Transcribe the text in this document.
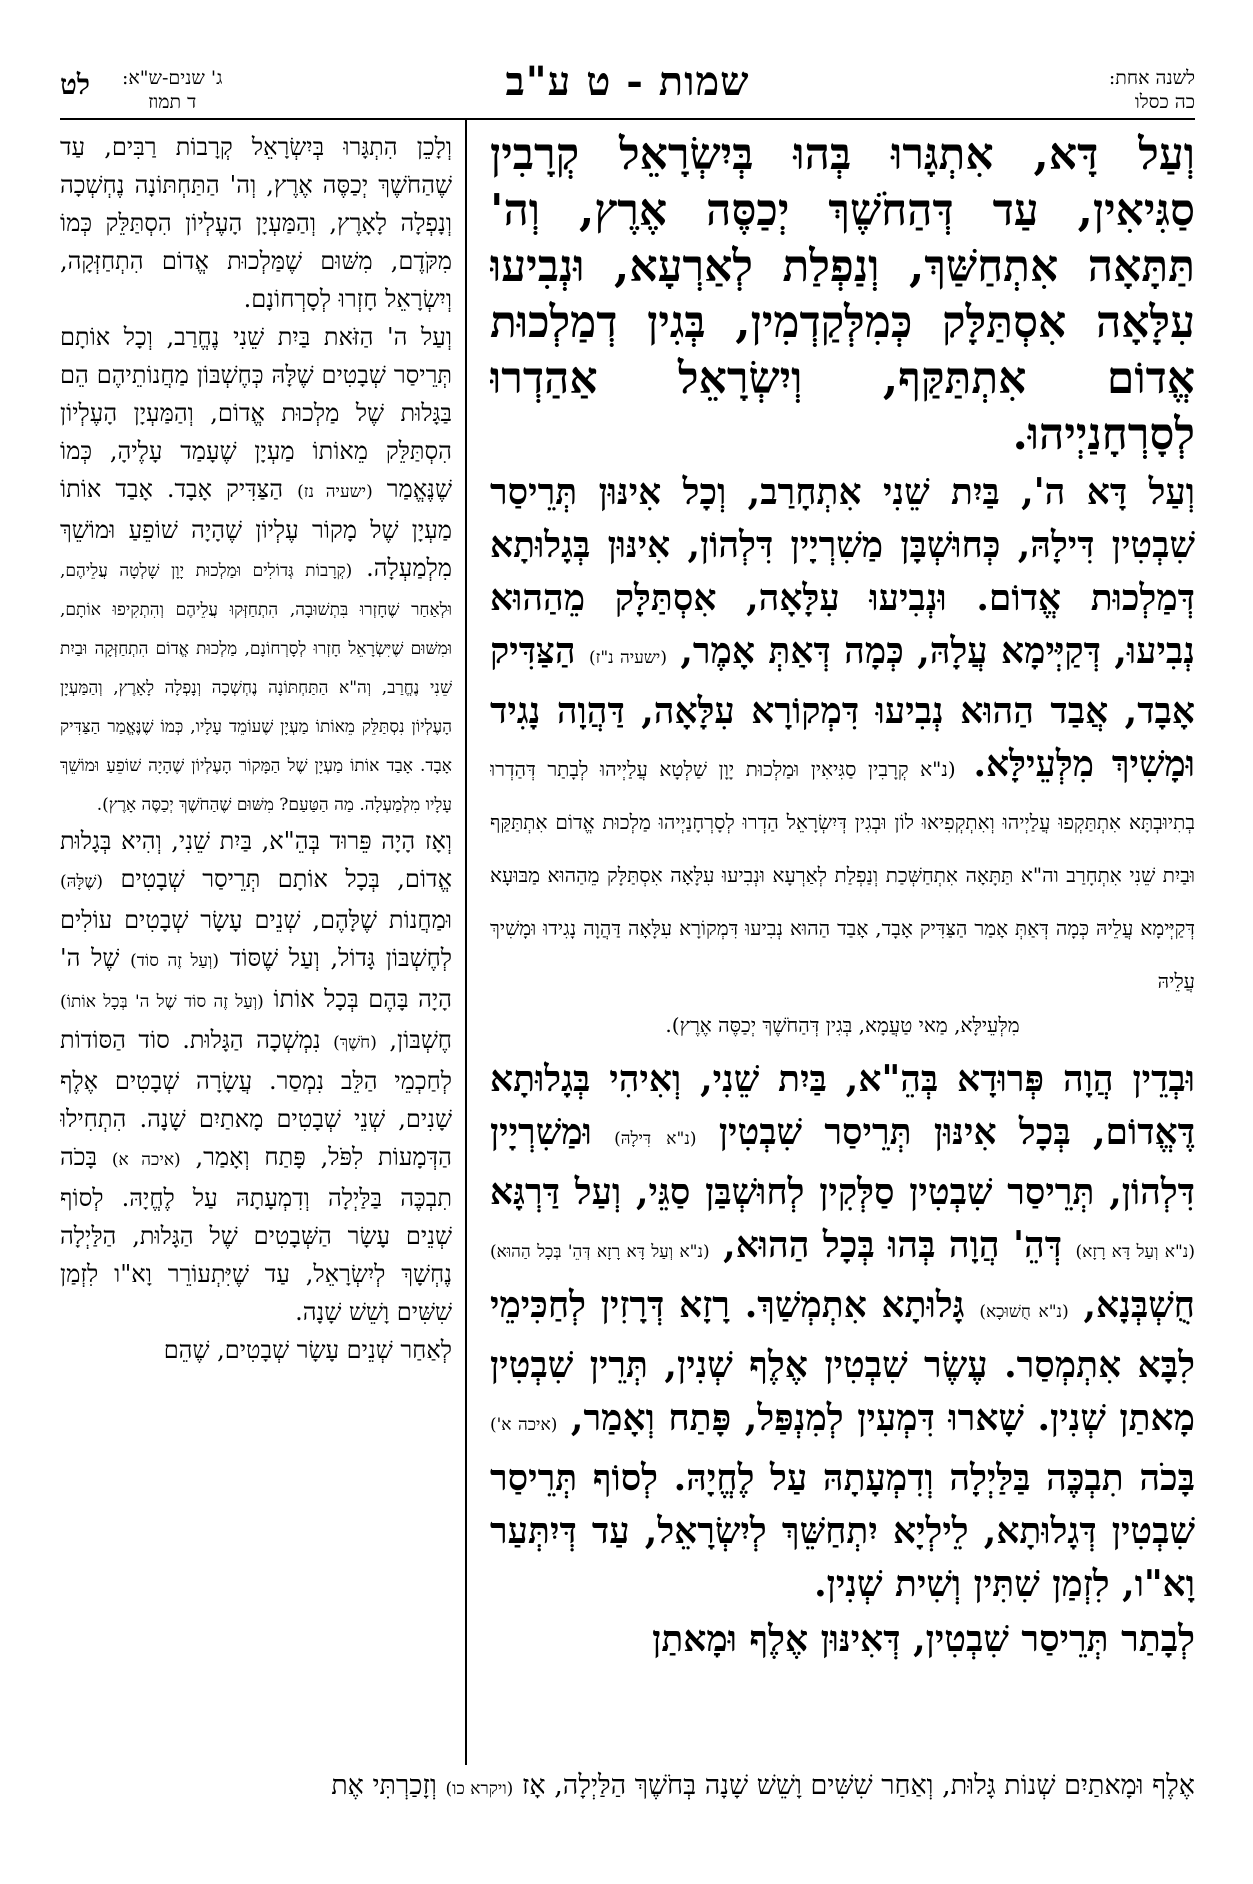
לשנה אחת:
כה כסלו
שמות - ט ע"ב
ג' שנים-ש"א:
ד תמוז
לט

וְעַל דָּא, אִתְגָּרוּ בְּהוּ בְּיִשְׂרָאֵל קְרָבִין סַגִּיאִין, עַד דְּהַחֹשֶׁךְ יְכַסֶּה אֶרֶץ, וְה' תַּתָּאָה אִתְחַשַּׁךְ, וְנַפְלַת לְאַרְעָא, וּנְבִיעוּ עִלָּאָה אִסְתַּלָּק כְּמִלְּקַדְמִין, בְּגִין דְמַלְכוּת אֱדוֹם אִתְתַּקַּף, וְיִשְׂרָאֵל אַהַדְרוּ לְסָרְחָנַיְיהוּ.

וְעַל דָּא ה', בַּיִת שֵׁנִי אִתְחָרַב, וְכָל אִינּוּן תְּרֵיסַר שִׁבְטִין דִּילָהּ, כְּחוּשְׁבָּן מַשִׁרְיָין דִּלְהוֹן, אִינּוּן בְּגָלוּתָא דְּמַלְכוּת אֱדוֹם. וּנְבִיעוּ עִלָּאָה, אִסְתַּלָּק מֵהַהוּא נְבִיעוּ, דְּקַיְּימָא עֲלָהּ, כְּמָה דְּאַתְּ אָמֶר, (ישעיה נ"ז) הַצַּדִּיק אָבָד, אֲבַד הַהוּא נְבִיעוּ דִּמְקוֹרָא עִלָּאָה, דַּהֲוָה נָגִיד וּמָשִׁיךְ מִלְּעֵילָּא. (נ"א קְרָבִין סַגִּיאִין וּמַלְכוּת יָוָן שַׁלְטָא עֲלַיְיהוּ לְבָתַר דְּהַדְרוּ בְתִיוּבְתָּא אִתְתַּקְפוּ עֲלַיְיהוּ וְאִתְקְפִיאוּ לוֹן וּבְגִין דְּיִשְׂרָאֵל הַדְרוּ לְסָרְחָנַיְיהוּ מַלְכוּת אֱדוֹם אִתְתַּקַּף וּבַיִת שֵׁנִי אִתְחָרַב וה"א תַּתָּאָה אִתְחַשְּׁכַת וְנַפְלַת לְאַרְעָא וּנְבִיעוּ עִלָּאָה אִסְתַּלָּק מֵהַהוּא מַבּוּעָא דְּקַיְּימָא עֲלֵיהּ כְּמָה דְּאַתְּ אָמַר הַצַּדִּיק אָבָד, אָבַד הַהוּא נְבִיעוּ דִּמְקוֹרָא עִלָּאָה דַּהֲוָה נָגִידוּ וּמָשִׁיךְ עֲלֵיהּ

מִלְּעֵילָּא, מַאי טַעֲמָא, בְּגִין דְּהַחֹשֶׁךְ יְכַסֶּה אֶרֶץ).

וּבְדֵין הֲוָה פְּרוּדָא בְּהֵ"א, בַּיִת שֵׁנִי, וְאִיהִי בְּגָלוּתָא דֶּאֱדוֹם, בְּכָל אִינּוּן תְּרֵיסַר שִׁבְטִין (נ"א דִּילָהּ) וּמַשִׁרְיָין דִּלְהוֹן, תְּרֵיסַר שִׁבְטִין סַלְּקִין לְחוּשְׁבַּן סַגֵּי, וְעַל דַּרְגָּא (נ"א וְעַל דָּא רָזָא) דְּהֵ' הֲוָה בְּהוּ בְּכָל הַהוּא, (נ"א וְעַל דָּא רָזָא דְּהֵ' בְּכָל הַהוּא) חֻשְׁבְּנָא, (נ"א חֻשׁוּכָא) גָּלוּתָא אִתְמְשַׁךְ. רָזָא דְּרָזִין לְחַכִּימֵי לִבָּא אִתְמְסַר. עֶשֶׂר שִׁבְטִין אֶלֶף שְׁנִין, תְּרֵין שִׁבְטִין מָאתַן שְׁנִין. שָׁארוּ דִּמְעִין לְמִנְפַּל, פָּתַח וְאָמַר, (איכה א') בָּכֹה תִבְכֶּה בַּלַּיְלָה וְדִמְעָתָהּ עַל לֶחֱיָהּ. לְסוֹף תְּרֵיסַר שִׁבְטִין דְּגָלוּתָא, לֵילְיָא יִתְחַשֵּׁךְ לְיִשְׂרָאֵל, עַד דְּיִתְּעַר וָא"ו, לִזְמַן שִׁתִּין וְשִׁית שְׁנִין.

לְבָתַר תְּרֵיסַר שִׁבְטִין, דְּאִינּוּן אֶלֶף וּמָאתַן

וְלָכֵן הִתְגָּרוּ בְּיִשְׂרָאֵל קְרָבוֹת רַבִּים, עַד שֶׁהַחֹשֶׁךְ יְכַסֶּה אֶרֶץ, וְה' הַתַּחְתּוֹנָה נֶחְשְׁכָה וְנָפְלָה לָאָרֶץ, וְהַמַּעְיָן הָעֶלְיוֹן הִסְתַּלֵּק כְּמוֹ מִקֹּדֶם, מִשּׁוּם שֶׁמַּלְכוּת אֱדוֹם הִתְחַזְּקָה, וְיִשְׂרָאֵל חָזְרוּ לְסָרְחוֹנָם.

וְעַל ה' הַזֹּאת בַּיִת שֵׁנִי נֶחֱרַב, וְכָל אוֹתָם תְּרֵיסַר שְׁבָטִים שֶׁלָּהּ כְּחֶשְׁבּוֹן מַחֲנוֹתֵיהֶם הֵם בַּגָּלוּת שֶׁל מַלְכוּת אֱדוֹם, וְהַמַּעְיָן הָעֶלְיוֹן הִסְתַּלֵּק מֵאוֹתוֹ מַעְיָן שֶׁעָמַד עָלֶיהָ, כְּמוֹ שֶׁנֶּאֱמַר (ישעיה נז) הַצַּדִּיק אָבָד. אָבַד אוֹתוֹ מַעְיָן שֶׁל מָקוֹר עֶלְיוֹן שֶׁהָיָה שׁוֹפֵעַ וּמוֹשֵׁךְ מִלְמַעְלָה. (קְרָבוֹת גְּדוֹלִים וּמַלְכוּת יָוָן שָׁלְטָה עֲלֵיהֶם, וּלְאַחַר שֶׁחָזְרוּ בִּתְשׁוּבָה, הִתְחַזְּקוּ עֲלֵיהֶם וְהִתְקִיפוּ אוֹתָם, וּמִשּׁוּם שֶׁיִּשְׂרָאֵל חָזְרוּ לְסָרְחוֹנָם, מַלְכוּת אֱדוֹם הִתְחַזְּקָה וּבַיִת שֵׁנִי נֶחֱרַב, וְה"א הַתַּחְתּוֹנָה נֶחְשְׁכָה וְנָפְלָה לָאָרֶץ, וְהַמַּעְיָן הָעֶלְיוֹן נִסְתַּלֵּק מֵאוֹתוֹ מַעְיָן שֶׁעוֹמֵד עָלָיו, כְּמוֹ שֶׁנֶּאֱמַר הַצַּדִּיק אָבָד. אָבַד אוֹתוֹ מַעְיָן שֶׁל הַמָּקוֹר הָעֶלְיוֹן שֶׁהָיָה שׁוֹפֵעַ וּמוֹשֵׁךְ עָלָיו מִלְמַעְלָה. מַה הַטַּעַם? מִשּׁוּם שֶׁהַחֹשֶׁךְ יְכַסֶּה אָרֶץ).

וְאָז הָיָה פֵּרוּד בְּהֵ"א, בַּיִת שֵׁנִי, וְהִיא בְּגָלוּת אֱדוֹם, בְּכָל אוֹתָם תְּרֵיסַר שְׁבָטִים (שֶׁלָּהּ) וּמַחֲנוֹת שֶׁלָּהֶם, שְׁנֵים עָשָׂר שְׁבָטִים עוֹלִים לְחֶשְׁבּוֹן גָּדוֹל, וְעַל שֶׁסּוֹד (וְעַל זֶה סוֹד) שֶׁל ה' הָיָה בָּהֶם בְּכָל אוֹתוֹ (וְעַל זֶה סוֹד שֶׁל ה' בְּכָל אוֹתוֹ) חֶשְׁבּוֹן, (חֹשֶׁךְ) נִמְשְׁכָה הַגָּלוּת. סוֹד הַסּוֹדוֹת לְחַכְמֵי הַלֵּב נִמְסַר. עֲשָׂרָה שְׁבָטִים אֶלֶף שָׁנִים, שְׁנֵי שְׁבָטִים מָאתַיִם שָׁנָה. הִתְחִילוּ הַדְּמָעוֹת לִפֹּל, פָּתַח וְאָמַר, (איכה א) בָּכֹה תִבְכֶּה בַּלַּיְלָה וְדִמְעָתָהּ עַל לֶחֱיָהּ. לְסוֹף שְׁנֵים עָשָׂר הַשְּׁבָטִים שֶׁל הַגָּלוּת, הַלַּיְלָה נֶחְשָׁךְ לְיִשְׂרָאֵל, עַד שֶׁיִּתְעוֹרֵר וָא"ו לִזְמַן שִׁשִּׁים וָשֵׁשׁ שָׁנָה.

לְאַחַר שְׁנֵים עָשָׂר שְׁבָטִים, שֶׁהֵם

אֶלֶף וּמָאתַיִם שְׁנוֹת גָּלוּת, וְאַחַר שִׁשִּׁים וָשֵׁשׁ שָׁנָה בְּחֹשֶׁךְ הַלַּיְלָה, אָז (ויקרא כו) וְזָכַרְתִּי אֶת
